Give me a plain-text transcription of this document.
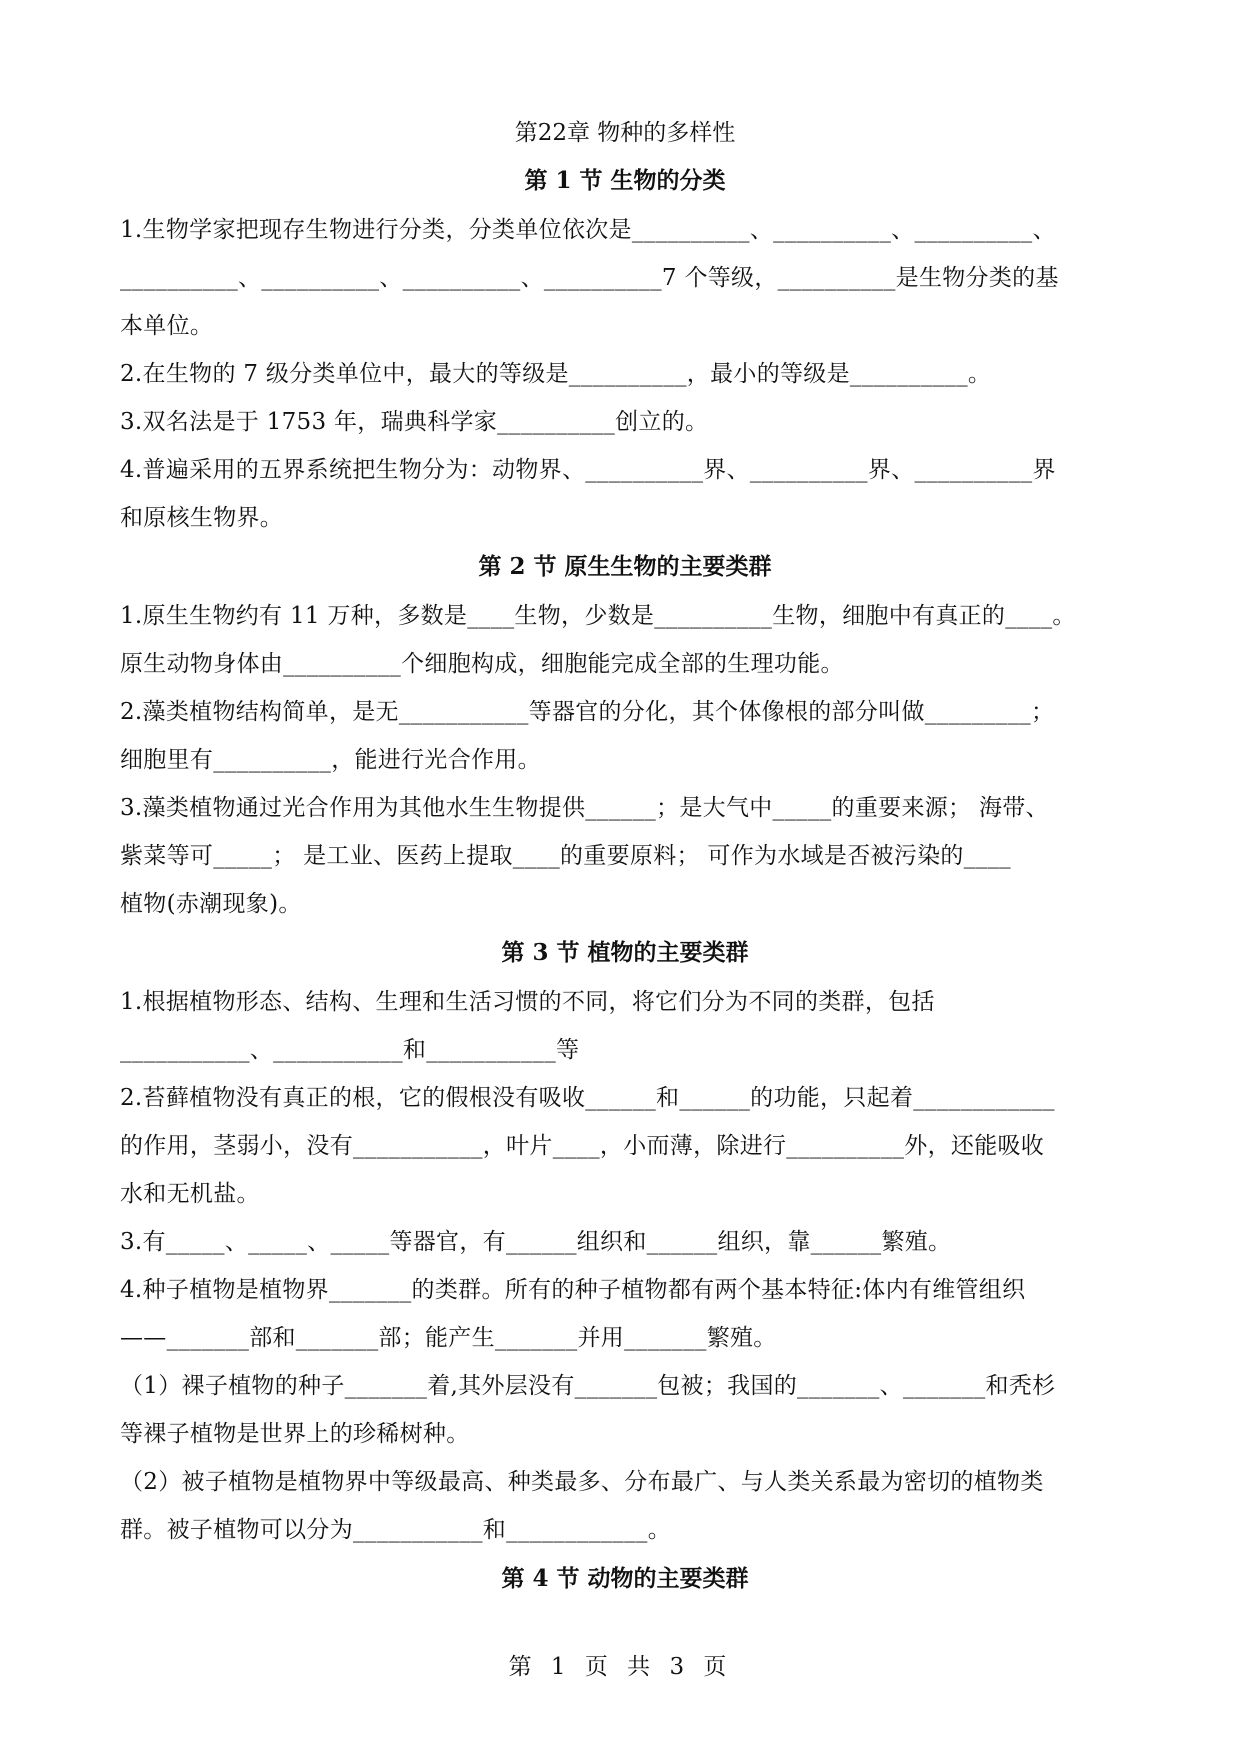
第22章 物种的多样性
第 1 节 生物的分类
1.生物学家把现存生物进行分类，分类单位依次是__________、__________、__________、
__________、__________、__________、__________7 个等级，__________是生物分类的基
本单位。
2.在生物的 7 级分类单位中，最大的等级是__________，最小的等级是__________。
3.双名法是于 1753 年，瑞典科学家__________创立的。
4.普遍采用的五界系统把生物分为：动物界、__________界、__________界、__________界
和原核生物界。
第 2 节 原生生物的主要类群
1.原生生物约有 11 万种，多数是____生物，少数是__________生物，细胞中有真正的____。
原生动物身体由__________个细胞构成，细胞能完成全部的生理功能。
2.藻类植物结构简单，是无___________等器官的分化，其个体像根的部分叫做_________；
细胞里有__________，能进行光合作用。
3.藻类植物通过光合作用为其他水生生物提供______；是大气中_____的重要来源； 海带、
紫菜等可_____； 是工业、医药上提取____的重要原料； 可作为水域是否被污染的____
植物(赤潮现象)。
第 3 节 植物的主要类群
1.根据植物形态、结构、生理和生活习惯的不同，将它们分为不同的类群，包括
___________、___________和___________等
2.苔藓植物没有真正的根，它的假根没有吸收______和______的功能，只起着____________
的作用，茎弱小，没有___________，叶片____，小而薄，除进行__________外，还能吸收
水和无机盐。
3.有_____、_____、_____等器官，有______组织和______组织，靠______繁殖。
4.种子植物是植物界_______的类群。所有的种子植物都有两个基本特征:体内有维管组织
——_______部和_______部；能产生_______并用_______繁殖。
（1）裸子植物的种子_______着,其外层没有_______包被；我国的_______、_______和秃杉
等裸子植物是世界上的珍稀树种。
（2）被子植物是植物界中等级最高、种类最多、分布最广、与人类关系最为密切的植物类
群。被子植物可以分为___________和____________。
第 4 节 动物的主要类群
第 1 页 共 3 页
